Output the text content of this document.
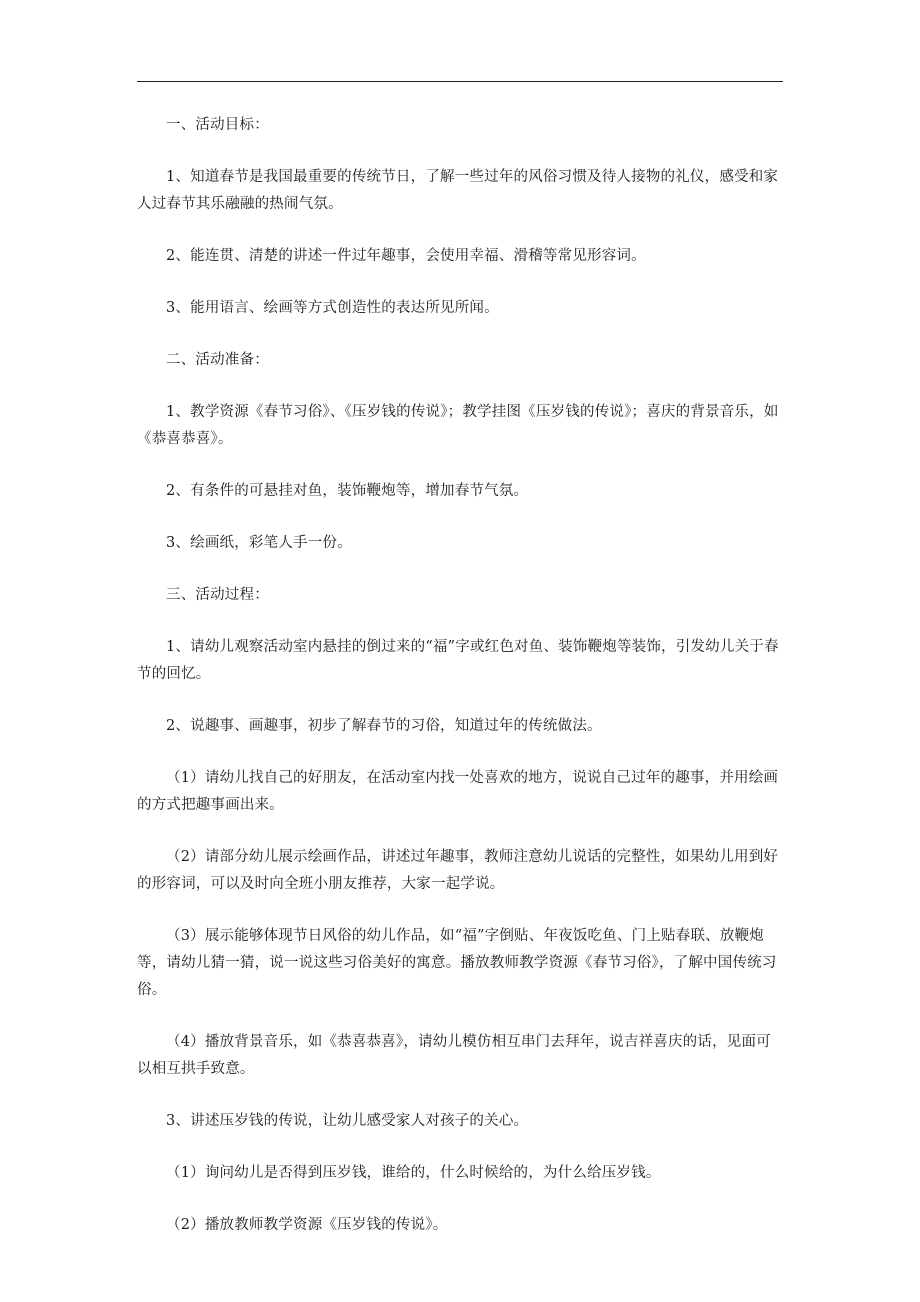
一、活动目标：

1、知道春节是我国最重要的传统节日，了解一些过年的风俗习惯及待人接物的礼仪，感受和家人过春节其乐融融的热闹气氛。

2、能连贯、清楚的讲述一件过年趣事，会使用幸福、滑稽等常见形容词。

3、能用语言、绘画等方式创造性的表达所见所闻。

二、活动准备：

1、教学资源《春节习俗》、《压岁钱的传说》；教学挂图《压岁钱的传说》；喜庆的背景音乐，如《恭喜恭喜》。

2、有条件的可悬挂对鱼，装饰鞭炮等，增加春节气氛。

3、绘画纸，彩笔人手一份。

三、活动过程：

1、请幼儿观察活动室内悬挂的倒过来的“福”字或红色对鱼、装饰鞭炮等装饰，引发幼儿关于春节的回忆。

2、说趣事、画趣事，初步了解春节的习俗，知道过年的传统做法。

（1）请幼儿找自己的好朋友，在活动室内找一处喜欢的地方，说说自己过年的趣事，并用绘画的方式把趣事画出来。

（2）请部分幼儿展示绘画作品，讲述过年趣事，教师注意幼儿说话的完整性，如果幼儿用到好的形容词，可以及时向全班小朋友推荐，大家一起学说。

（3）展示能够体现节日风俗的幼儿作品，如“福”字倒贴、年夜饭吃鱼、门上贴春联、放鞭炮等，请幼儿猜一猜，说一说这些习俗美好的寓意。播放教师教学资源《春节习俗》，了解中国传统习俗。

（4）播放背景音乐，如《恭喜恭喜》，请幼儿模仿相互串门去拜年，说吉祥喜庆的话，见面可以相互拱手致意。

3、讲述压岁钱的传说，让幼儿感受家人对孩子的关心。

（1）询问幼儿是否得到压岁钱，谁给的，什么时候给的，为什么给压岁钱。

（2）播放教师教学资源《压岁钱的传说》。
